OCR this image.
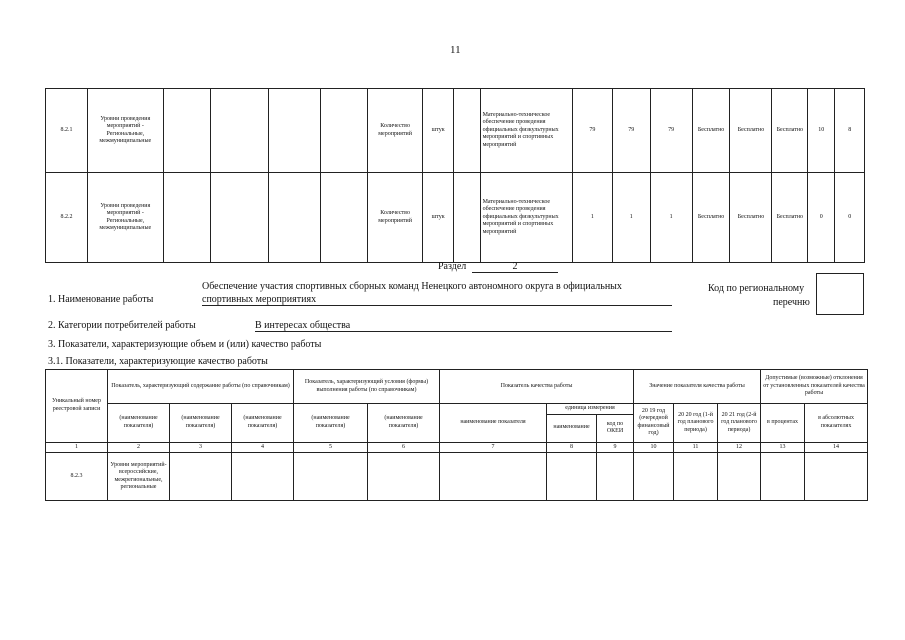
11
8.2.1	Уровни проведения мероприятий - Региональные, межмуниципальные					Количество мероприятий	штук		Материально-техническое обеспечение проведения официальных физкультурных мероприятий и спортивных мероприятий	79	79	79	Бесплатно	Бесплатно	Бесплатно	10	8
8.2.2	Уровни проведения мероприятий - Региональные, межмуниципальные					Количество мероприятий	штук		Материально-техническое обеспечение проведения официальных физкультурных мероприятий и спортивных мероприятий	1	1	1	Бесплатно	Бесплатно	Бесплатно	0	0
Раздел	2
Обеспечение участия спортивных сборных команд Ненецкого автономного округа в официальных
1. Наименование работы	спортивных мероприятиях
Код по региональному
перечню
2. Категории потребителей работы	В интересах общества
3. Показатели, характеризующие объем и (или) качество работы
3.1. Показатели, характеризующие качество работы
Уникальный номер реестровой записи	Показатель, характеризующий содержание работы (по справочникам)			Показатель, характеризующий условия (формы) выполнения работы (по справочникам)		Показатель качества работы			Значение показателя качества работы			Допустимые (возможные) отклонения от установленных показателей качества работы	
	(наименование показателя)	(наименование показателя)	(наименование показателя)	(наименование показателя)	(наименование показателя)	наименование показателя	единица измерения		20 19 год (очередной финансовый год)	20 20 год (1-й год планового периода)	20 21 год (2-й год планового периода)	в процентах	в абсолютных показателях
							наименование	код по ОКЕИ					
1	2	3	4	5	6	7	8	9	10	11	12	13	14
8.2.3	Уровни мероприятий- всероссийские, межрегиональные, региональные												
